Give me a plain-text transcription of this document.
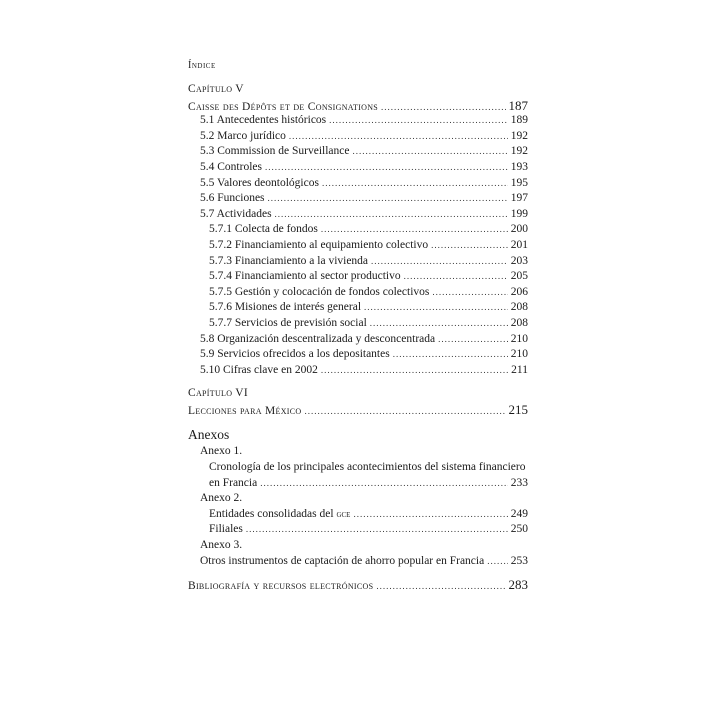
Índice
Capítulo V
Caisse des Dépôts et de Consignations .....	187
5.1 Antecedentes históricos .....	189
5.2 Marco jurídico .....	192
5.3 Commission de Surveillance .....	192
5.4 Controles .....	193
5.5 Valores deontológicos .....	195
5.6 Funciones .....	197
5.7 Actividades .....	199
5.7.1 Colecta de fondos .....	200
5.7.2 Financiamiento al equipamiento colectivo .....	201
5.7.3 Financiamiento a la vivienda .....	203
5.7.4 Financiamiento al sector productivo .....	205
5.7.5 Gestión y colocación de fondos colectivos .....	206
5.7.6 Misiones de interés general .....	208
5.7.7 Servicios de previsión social .....	208
5.8 Organización descentralizada y desconcentrada .....	210
5.9 Servicios ofrecidos a los depositantes .....	210
5.10 Cifras clave en 2002 .....	211
Capítulo VI
Lecciones para México .....	215
Anexos
Anexo 1.
Cronología de los principales acontecimientos del sistema financiero
en Francia .....	233
Anexo 2.
Entidades consolidadas del gce .....	249
Filiales .....	250
Anexo 3.
Otros instrumentos de captación de ahorro popular en Francia ..... 253
Bibliografía y recursos electrónicos .....	283
